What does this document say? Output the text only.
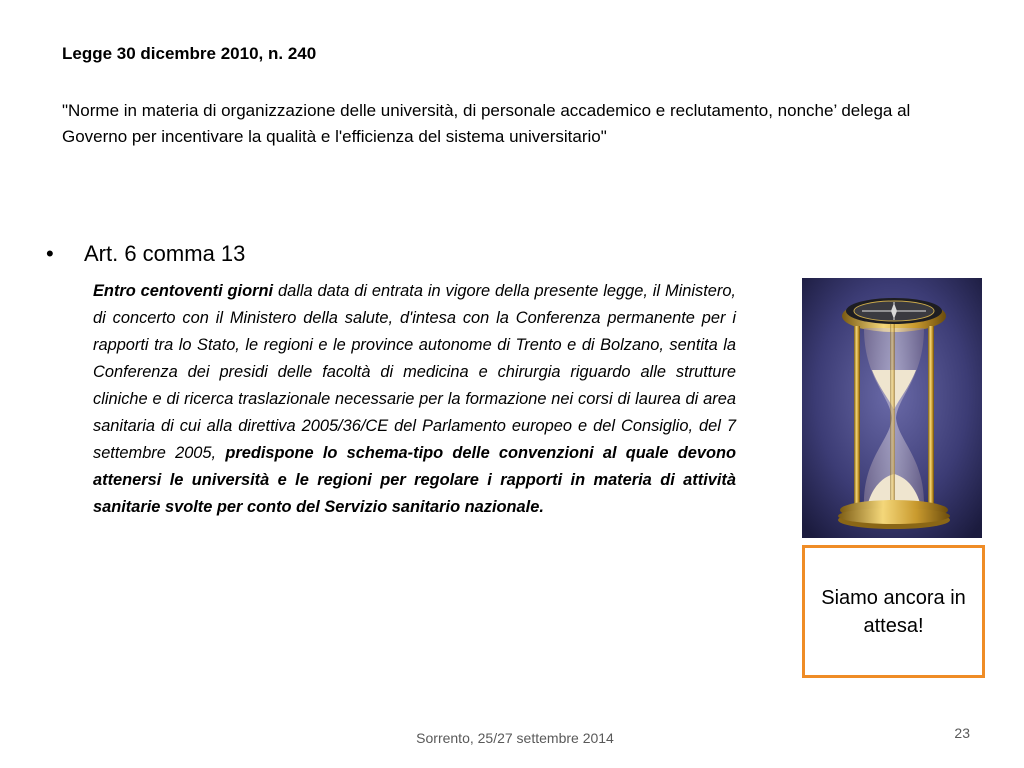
Legge 30 dicembre 2010, n. 240
"Norme in materia di organizzazione delle università, di personale accademico e reclutamento, nonche’ delega al Governo per incentivare la qualità e l'efficienza del sistema universitario"
• Art. 6 comma 13
Entro centoventi giorni dalla data di entrata in vigore della presente legge, il Ministero, di concerto con il Ministero della salute, d'intesa con la Conferenza permanente per i rapporti tra lo Stato, le regioni e le province autonome di Trento e di Bolzano, sentita la Conferenza dei presidi delle facoltà di medicina e chirurgia riguardo alle strutture cliniche e di ricerca traslazionale necessarie per la formazione nei corsi di laurea di area sanitaria di cui alla direttiva 2005/36/CE del Parlamento europeo e del Consiglio, del 7 settembre 2005, predispone lo schema-tipo delle convenzioni al quale devono attenersi le università e le regioni per regolare i rapporti in materia di attività sanitarie svolte per conto del Servizio sanitario nazionale.
Siamo ancora in attesa!
Sorrento, 25/27 settembre 2014	23
